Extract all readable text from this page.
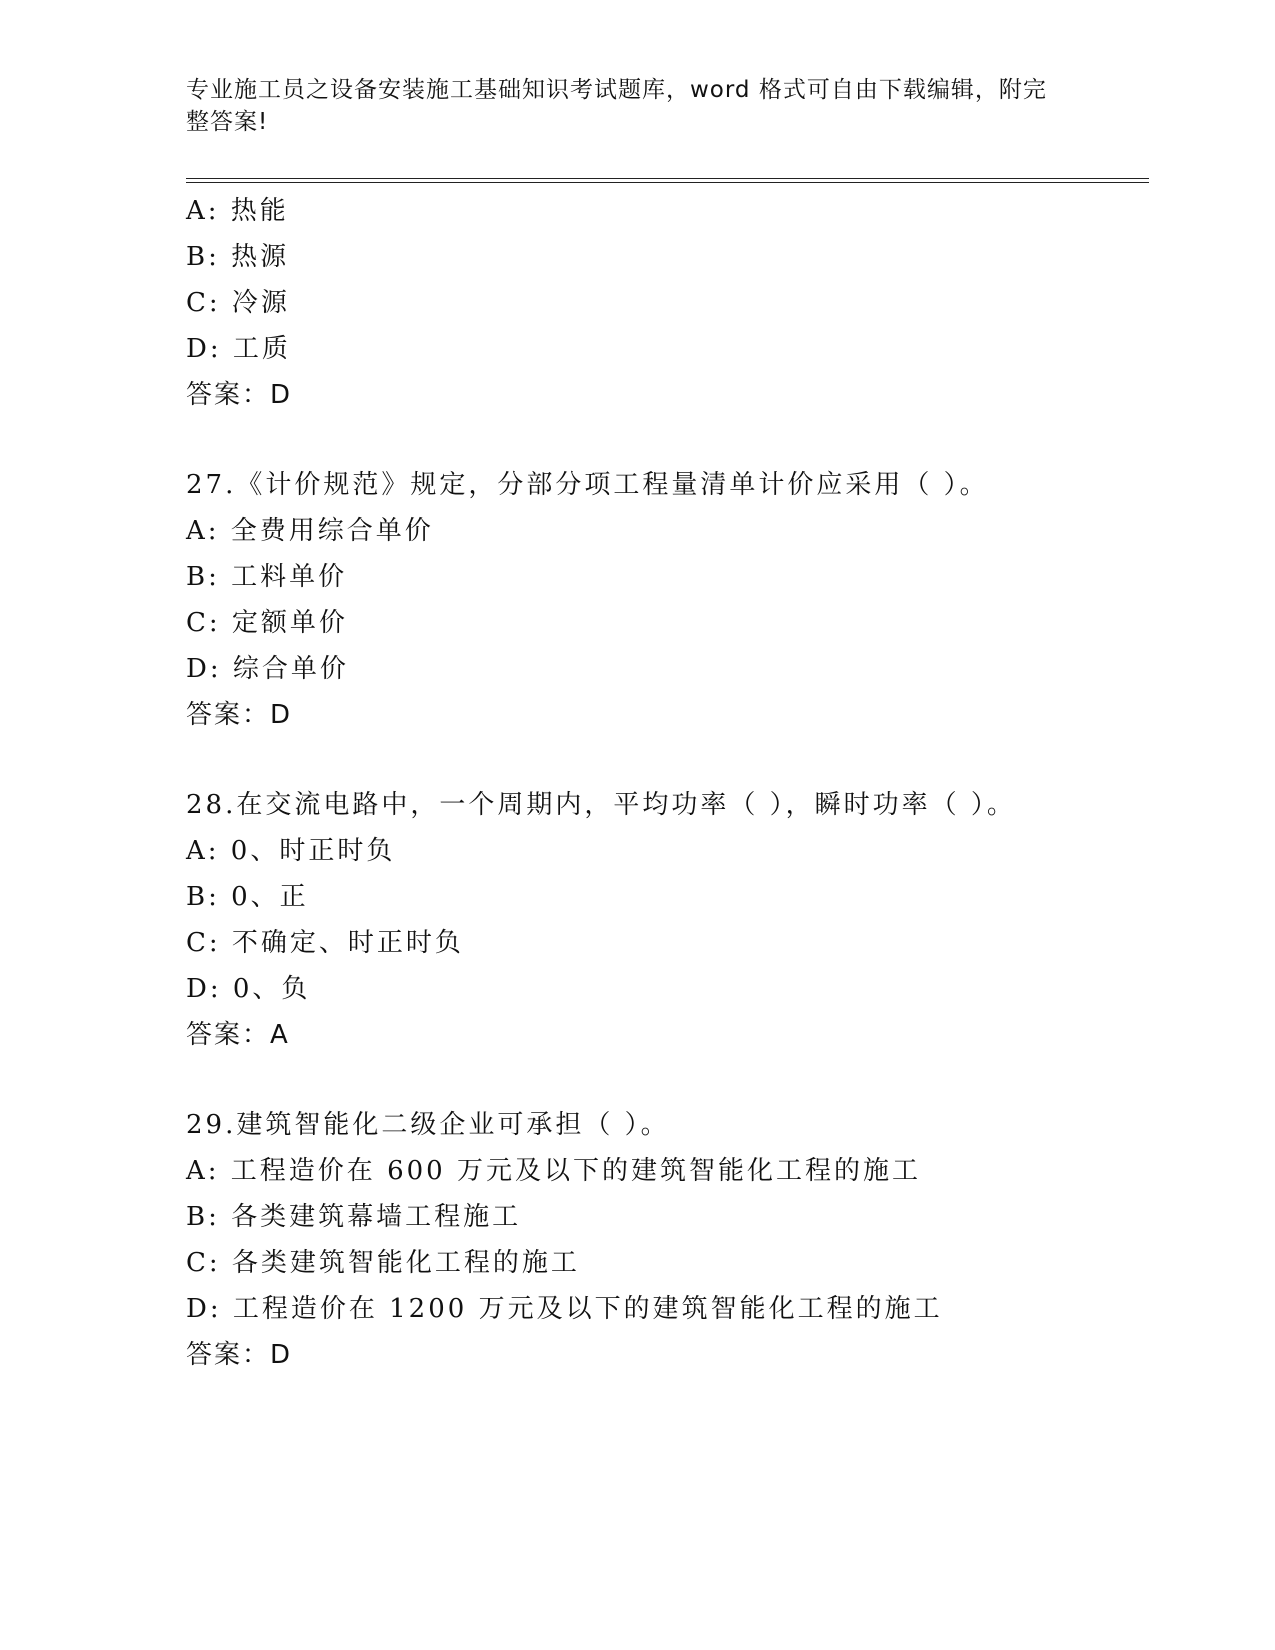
专业施工员之设备安装施工基础知识考试题库，word 格式可自由下载编辑，附完
整答案!
A: 热能
B: 热源
C: 冷源
D: 工质
答案：D
27.《计价规范》规定，分部分项工程量清单计价应采用（ ）。
A: 全费用综合单价
B: 工料单价
C: 定额单价
D: 综合单价
答案：D
28.在交流电路中，一个周期内，平均功率（ ），瞬时功率（ ）。
A: 0、时正时负
B: 0、正
C: 不确定、时正时负
D: 0、负
答案：A
29.建筑智能化二级企业可承担（ ）。
A: 工程造价在 600 万元及以下的建筑智能化工程的施工
B: 各类建筑幕墙工程施工
C: 各类建筑智能化工程的施工
D: 工程造价在 1200 万元及以下的建筑智能化工程的施工
答案：D
